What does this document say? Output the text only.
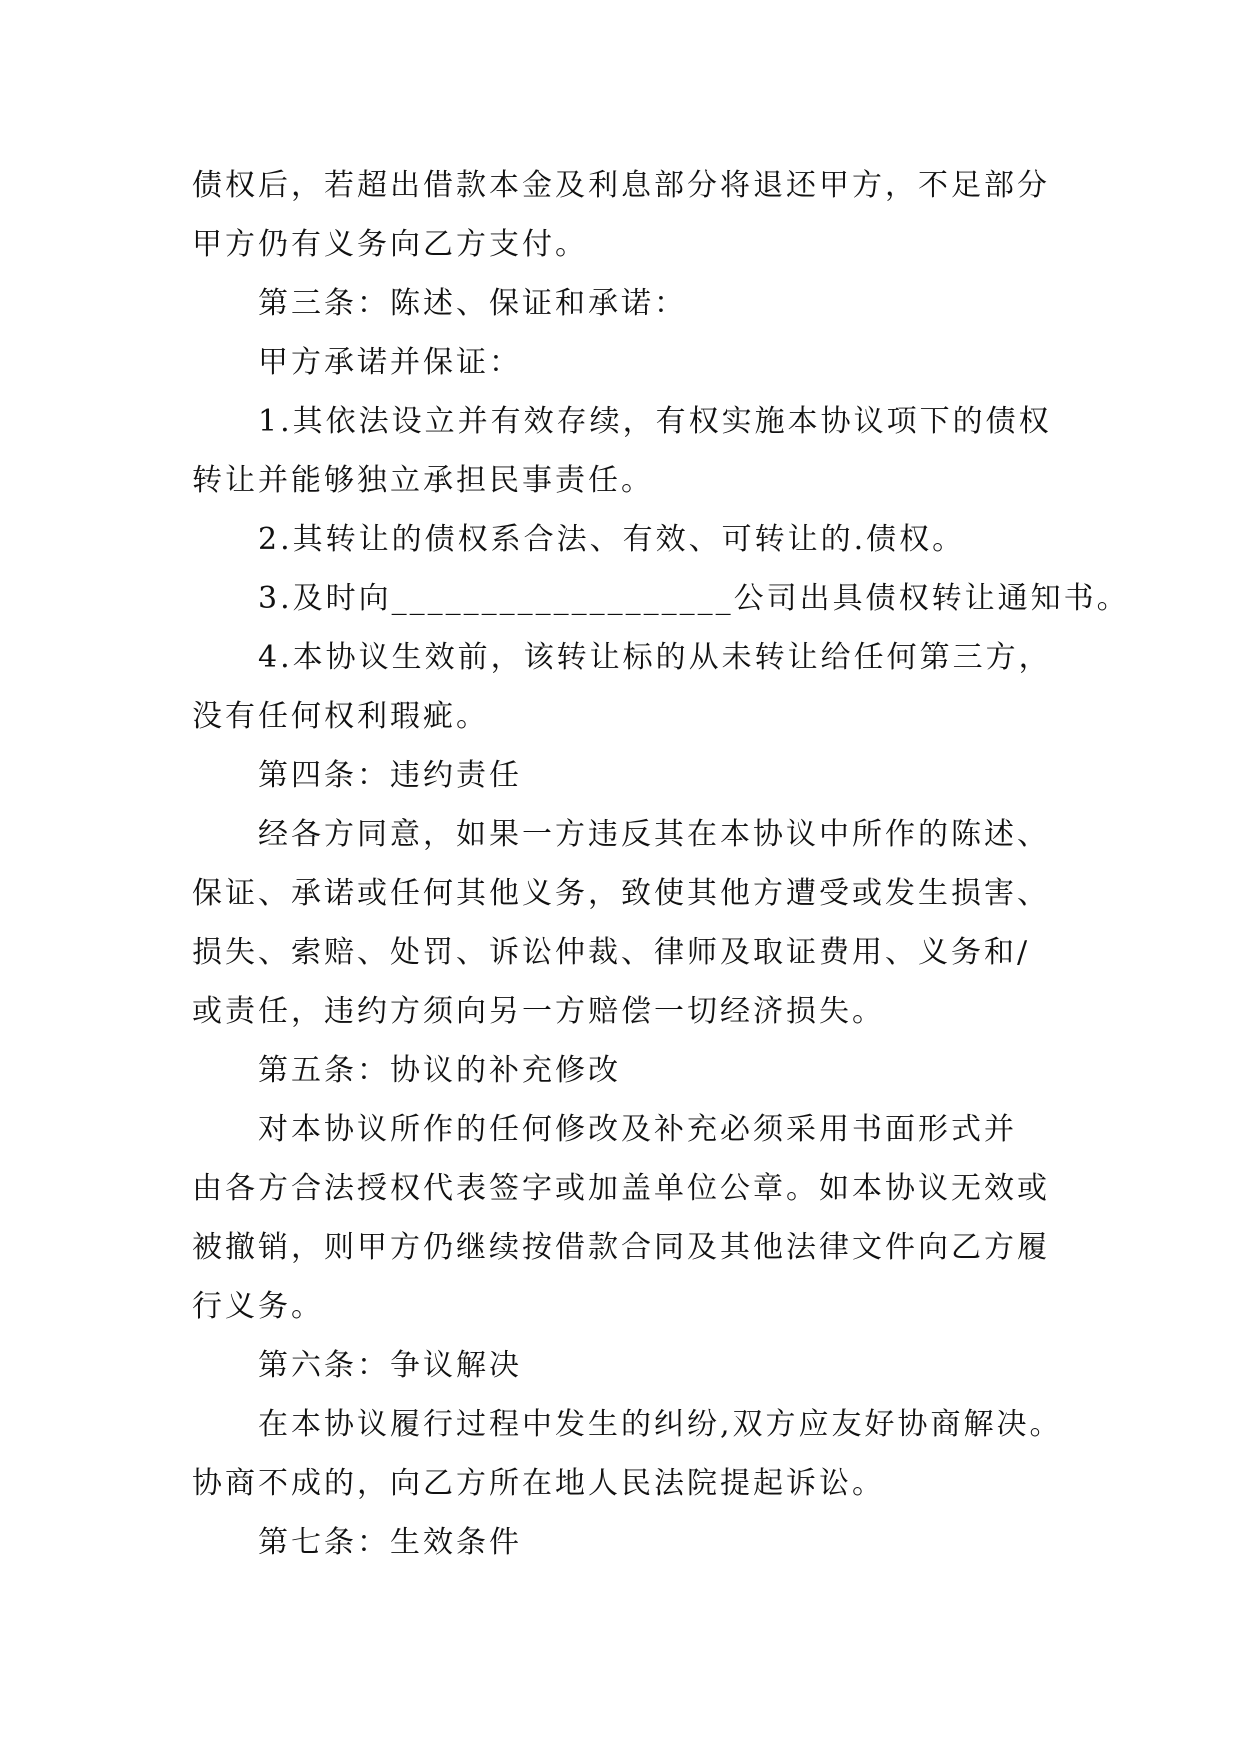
债权后，若超出借款本金及利息部分将退还甲方，不足部分
甲方仍有义务向乙方支付。
第三条：陈述、保证和承诺：
甲方承诺并保证：
1.其依法设立并有效存续，有权实施本协议项下的债权
转让并能够独立承担民事责任。
2.其转让的债权系合法、有效、可转让的.债权。
3.及时向___________________公司出具债权转让通知书。
4.本协议生效前，该转让标的从未转让给任何第三方，
没有任何权利瑕疵。
第四条：违约责任
经各方同意，如果一方违反其在本协议中所作的陈述、
保证、承诺或任何其他义务，致使其他方遭受或发生损害、
损失、索赔、处罚、诉讼仲裁、律师及取证费用、义务和/
或责任，违约方须向另一方赔偿一切经济损失。
第五条：协议的补充修改
对本协议所作的任何修改及补充必须采用书面形式并
由各方合法授权代表签字或加盖单位公章。如本协议无效或
被撤销，则甲方仍继续按借款合同及其他法律文件向乙方履
行义务。
第六条：争议解决
在本协议履行过程中发生的纠纷,双方应友好协商解决。
协商不成的，向乙方所在地人民法院提起诉讼。
第七条：生效条件
